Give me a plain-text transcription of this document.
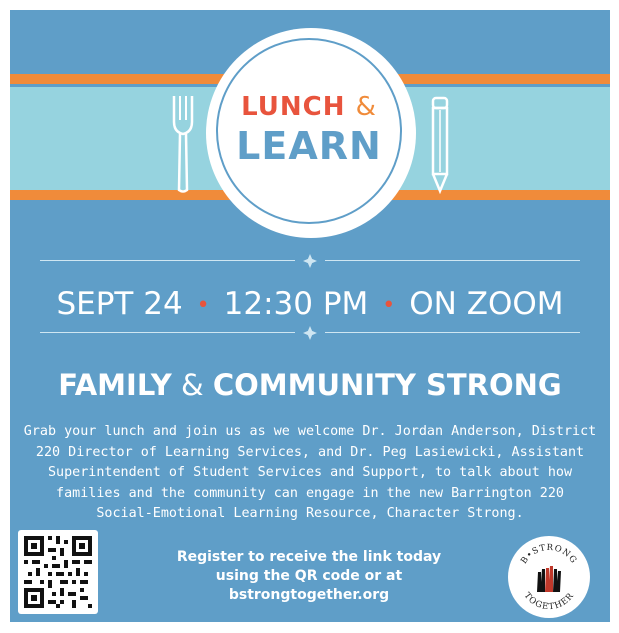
LUNCH &
LEARN
SEPT 24 • 12:30 PM • ON ZOOM
FAMILY & COMMUNITY STRONG
Grab your lunch and join us as we welcome Dr. Jordan Anderson, District
220 Director of Learning Services, and Dr. Peg Lasiewicki, Assistant
Superintendent of Student Services and Support, to talk about how
families and the community can engage in the new Barrington 220
Social-Emotional Learning Resource, Character Strong.
Register to receive the link today
using the QR code or at
bstrongtogether.org
B•STRONG
TOGETHER
